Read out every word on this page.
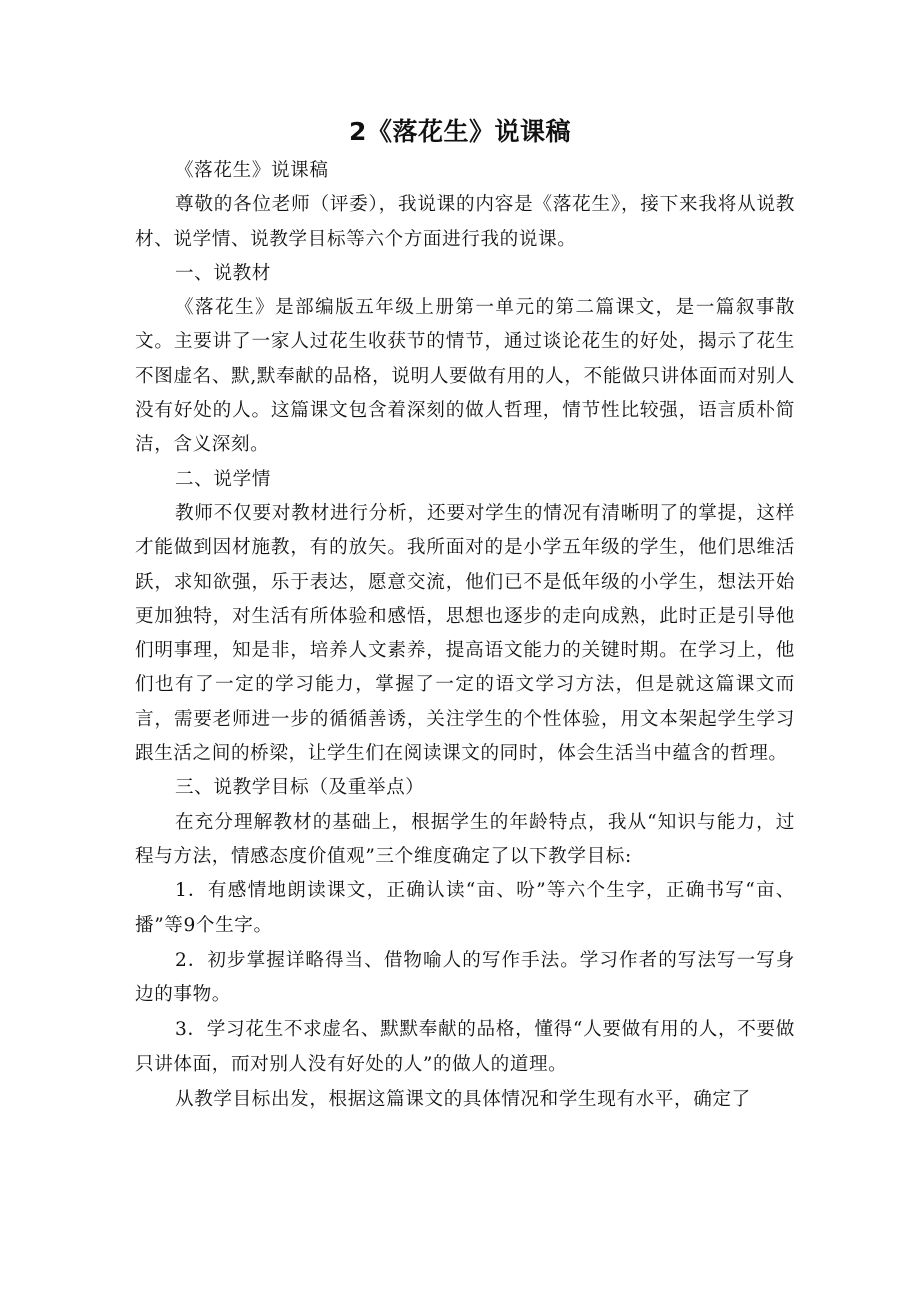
2《落花生》说课稿

《落花生》说课稿

尊敬的各位老师（评委），我说课的内容是《落花生》，接下来我将从说教材、说学情、说教学目标等六个方面进行我的说课。

一、说教材

《落花生》是部编版五年级上册第一单元的第二篇课文，是一篇叙事散文。主要讲了一家人过花生收获节的情节，通过谈论花生的好处，揭示了花生不图虚名、默,默奉献的品格，说明人要做有用的人，不能做只讲体面而对别人没有好处的人。这篇课文包含着深刻的做人哲理，情节性比较强，语言质朴简洁，含义深刻。

二、说学情

教师不仅要对教材进行分析，还要对学生的情况有清晰明了的掌提，这样才能做到因材施教，有的放矢。我所面对的是小学五年级的学生，他们思维活跃，求知欲强，乐于表达，愿意交流，他们已不是低年级的小学生，想法开始更加独特，对生活有所体验和感悟，思想也逐步的走向成熟，此时正是引导他们明事理，知是非，培养人文素养，提高语文能力的关键时期。在学习上，他们也有了一定的学习能力，掌握了一定的语文学习方法，但是就这篇课文而言，需要老师进一步的循循善诱，关注学生的个性体验，用文本架起学生学习跟生活之间的桥梁，让学生们在阅读课文的同时，体会生活当中蕴含的哲理。

三、说教学目标（及重举点）

在充分理解教材的基础上，根据学生的年龄特点，我从“知识与能力，过程与方法，情感态度价值观”三个维度确定了以下教学目标:

1．有感情地朗读课文，正确认读“亩、吩”等六个生字，正确书写“亩、播”等9个生字。

2．初步掌握详略得当、借物喻人的写作手法。学习作者的写法写一写身边的事物。

3．学习花生不求虚名、默默奉献的品格，懂得“人要做有用的人，不要做只讲体面，而对别人没有好处的人”的做人的道理。

从教学目标出发，根据这篇课文的具体情况和学生现有水平，确定了
